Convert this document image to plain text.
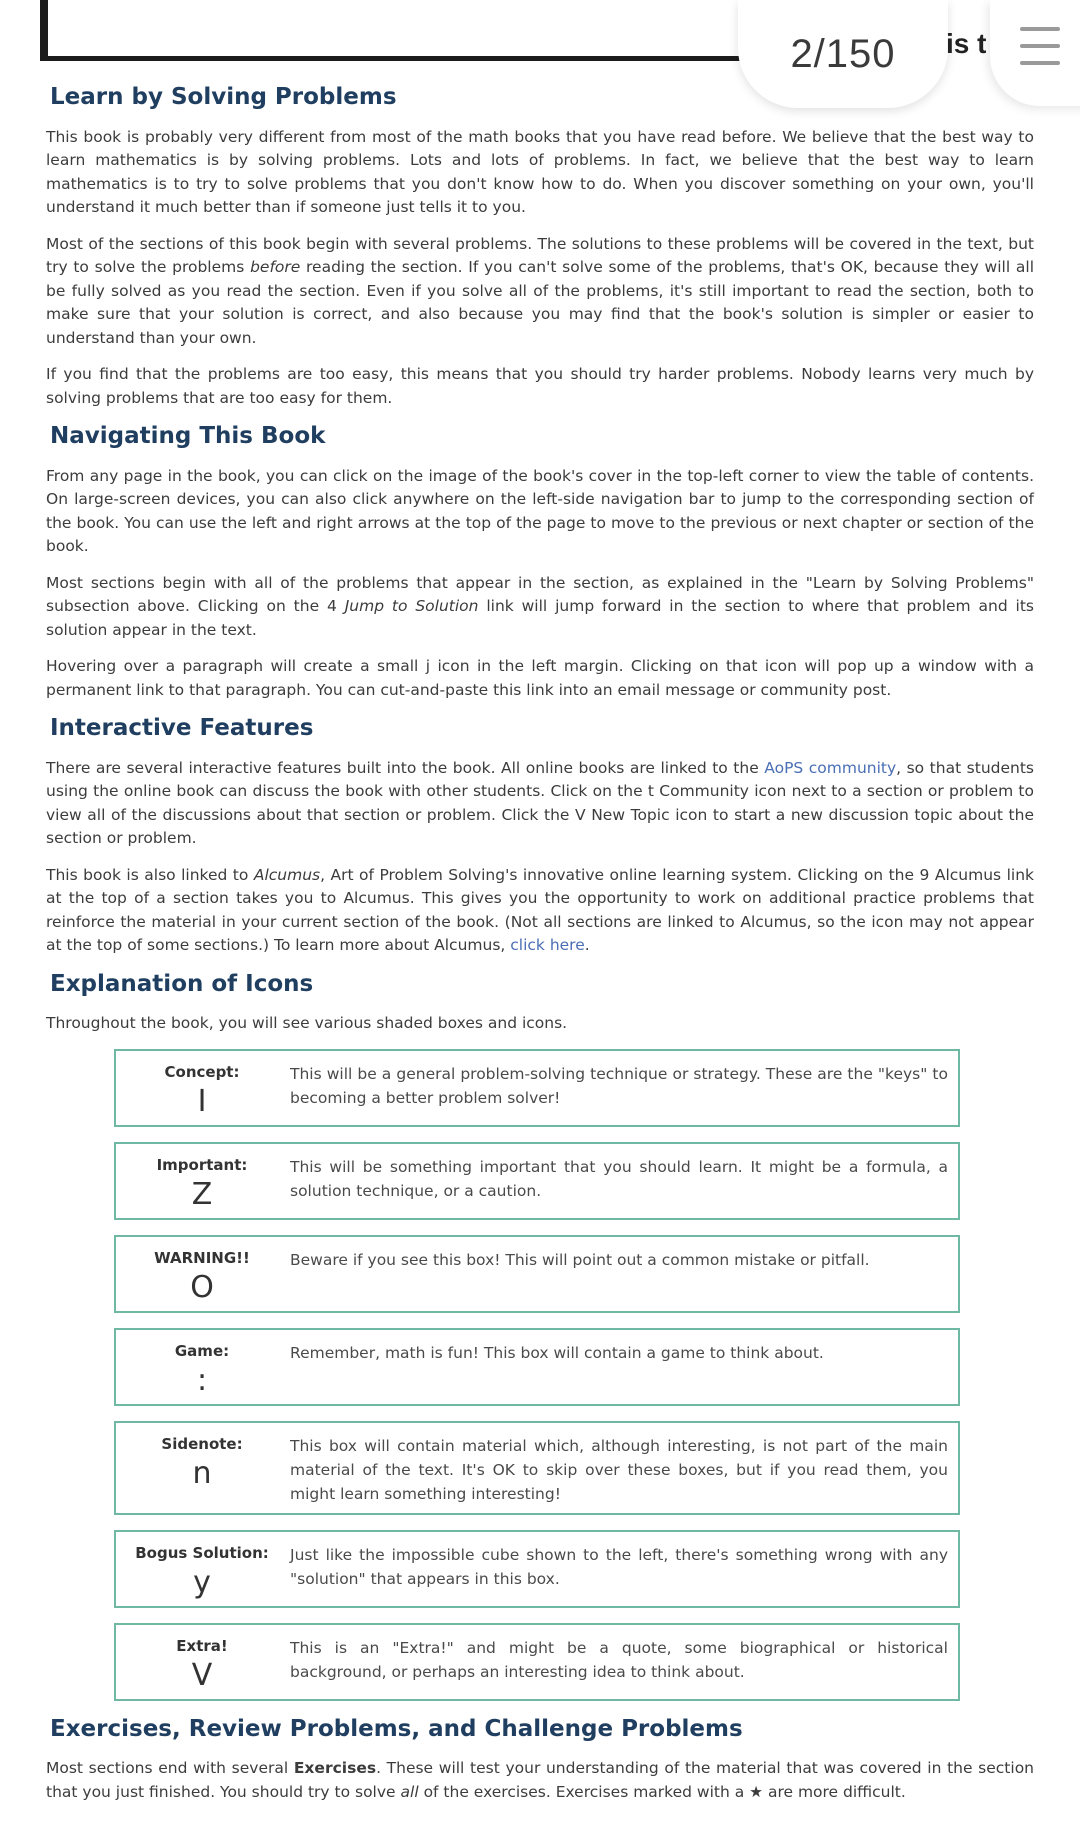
2/150 is t
Learn by Solving Problems

This book is probably very different from most of the math books that you have read before. We believe that the best way to learn mathematics is by solving problems. Lots and lots of problems. In fact, we believe that the best way to learn mathematics is to try to solve problems that you don't know how to do. When you discover something on your own, you'll understand it much better than if someone just tells it to you.

Most of the sections of this book begin with several problems. The solutions to these problems will be covered in the text, but try to solve the problems before reading the section. If you can't solve some of the problems, that's OK, because they will all be fully solved as you read the section. Even if you solve all of the problems, it's still important to read the section, both to make sure that your solution is correct, and also because you may find that the book's solution is simpler or easier to understand than your own.

If you find that the problems are too easy, this means that you should try harder problems. Nobody learns very much by solving problems that are too easy for them.

Navigating This Book

From any page in the book, you can click on the image of the book's cover in the top-left corner to view the table of contents. On large-screen devices, you can also click anywhere on the left-side navigation bar to jump to the corresponding section of the book. You can use the left and right arrows at the top of the page to move to the previous or next chapter or section of the book.

Most sections begin with all of the problems that appear in the section, as explained in the "Learn by Solving Problems" subsection above. Clicking on the 4 Jump to Solution link will jump forward in the section to where that problem and its solution appear in the text.

Hovering over a paragraph will create a small j icon in the left margin. Clicking on that icon will pop up a window with a permanent link to that paragraph. You can cut-and-paste this link into an email message or community post.

Interactive Features

There are several interactive features built into the book. All online books are linked to the AoPS community, so that students using the online book can discuss the book with other students. Click on the t Community icon next to a section or problem to view all of the discussions about that section or problem. Click the V New Topic icon to start a new discussion topic about the section or problem.

This book is also linked to Alcumus, Art of Problem Solving's innovative online learning system. Clicking on the 9 Alcumus link at the top of a section takes you to Alcumus. This gives you the opportunity to work on additional practice problems that reinforce the material in your current section of the book. (Not all sections are linked to Alcumus, so the icon may not appear at the top of some sections.) To learn more about Alcumus, click here.

Explanation of Icons

Throughout the book, you will see various shaded boxes and icons.

Concept:
I
This will be a general problem-solving technique or strategy. These are the "keys" to becoming a better problem solver!
Important:
Z
This will be something important that you should learn. It might be a formula, a solution technique, or a caution.
WARNING!!
O
Beware if you see this box! This will point out a common mistake or pitfall.
Game:
:
Remember, math is fun! This box will contain a game to think about.
Sidenote:
n
This box will contain material which, although interesting, is not part of the main material of the text. It's OK to skip over these boxes, but if you read them, you might learn something interesting!
Bogus Solution:
y
Just like the impossible cube shown to the left, there's something wrong with any "solution" that appears in this box.
Extra!
V
This is an "Extra!" and might be a quote, some biographical or historical background, or perhaps an interesting idea to think about.
Exercises, Review Problems, and Challenge Problems

Most sections end with several Exercises. These will test your understanding of the material that was covered in the section that you just finished. You should try to solve all of the exercises. Exercises marked with a ★ are more difficult.
